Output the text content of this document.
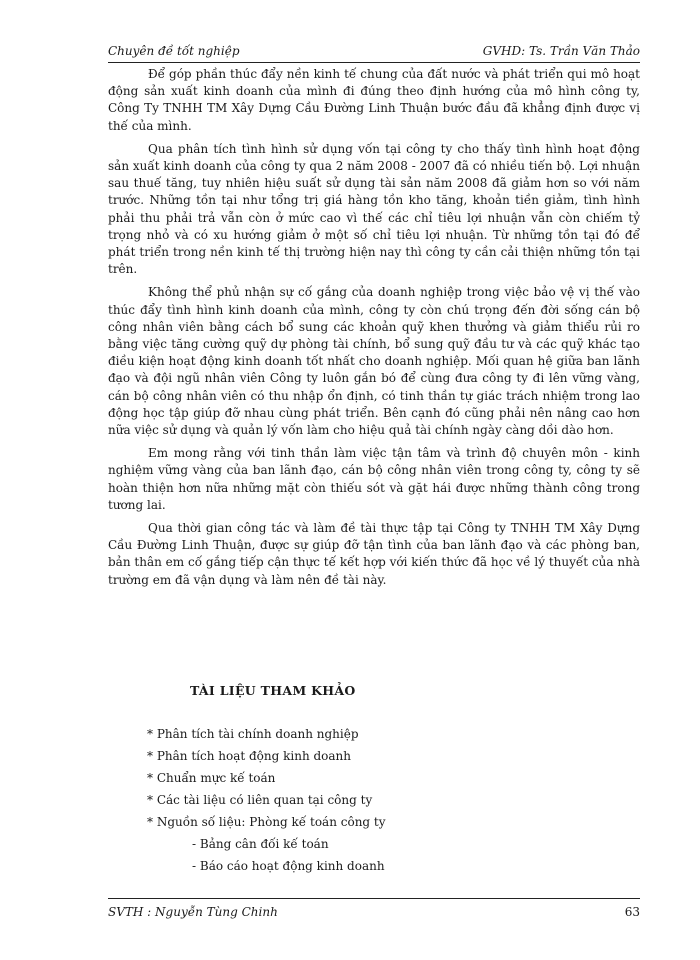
Chuyên đề tốt nghiệp	GVHD: Ts. Trần Văn Thảo

Để góp phần thúc đẩy nền kinh tế chung của đất nước và phát triển qui mô hoạt động sản xuất kinh doanh của mình đi đúng theo định hướng của mô hình công ty, Công Ty TNHH TM Xây Dựng Cầu Đường Linh Thuận bước đầu đã khẳng định được vị thế của mình.

Qua phân tích tình hình sử dụng vốn tại công ty cho thấy tình hình hoạt động sản xuất kinh doanh của công ty qua 2 năm 2008 - 2007 đã có nhiều tiến bộ. Lợi nhuận sau thuế tăng, tuy nhiên hiệu suất sử dụng tài sản năm 2008 đã giảm hơn so với năm trước. Những tồn tại như tổng trị giá hàng tồn kho tăng, khoản tiền giảm, tình hình phải thu phải trả vẫn còn ở mức cao vì thế các chỉ tiêu lợi nhuận vẫn còn chiếm tỷ trọng nhỏ và có xu hướng giảm ở một số chỉ tiêu lợi nhuận. Từ những tồn tại đó để phát triển trong nền kinh tế thị trường hiện nay thì công ty cần cải thiện những tồn tại trên.

Không thể phủ nhận sự cố gắng của doanh nghiệp trong việc bảo vệ vị thế vào thúc đẩy tình hình kinh doanh của mình, công ty còn chú trọng đến đời sống cán bộ công nhân viên bằng cách bổ sung các khoản quỹ khen thưởng và giảm thiểu rủi ro bằng việc tăng cường quỹ dự phòng tài chính, bổ sung quỹ đầu tư và các quỹ khác tạo điều kiện hoạt động kinh doanh tốt nhất cho doanh nghiệp. Mối quan hệ giữa ban lãnh đạo và đội ngũ nhân viên Công ty luôn gắn bó để cùng đưa công ty đi lên vững vàng, cán bộ công nhân viên có thu nhập ổn định, có tinh thần tự giác trách nhiệm trong lao động học tập giúp đỡ nhau cùng phát triển. Bên cạnh đó cũng phải nên nâng cao hơn nữa việc sử dụng và quản lý vốn làm cho hiệu quả tài chính ngày càng dồi dào hơn.

Em mong rằng với tinh thần làm việc tận tâm và trình độ chuyên môn - kinh nghiệm vững vàng của ban lãnh đạo, cán bộ công nhân viên trong công ty, công ty sẽ hoàn thiện hơn nữa những mặt còn thiếu sót và gặt hái được những thành công trong tương lai.

Qua thời gian công tác và làm đề tài thực tập tại Công ty TNHH TM Xây Dựng Cầu Đường Linh Thuận, được sự giúp đỡ tận tình của ban lãnh đạo và các phòng ban, bản thân em cố gắng tiếp cận thực tế kết hợp với kiến thức đã học về lý thuyết của nhà trường em đã vận dụng và làm nên đề tài này.

TÀI LIỆU THAM KHẢO
* Phân tích tài chính doanh nghiệp
* Phân tích hoạt động kinh doanh
* Chuẩn mực kế toán
* Các tài liệu có liên quan tại công ty
* Nguồn số liệu: Phòng kế toán công ty
- Bảng cân đối kế toán
- Báo cáo hoạt động kinh doanh
SVTH : Nguyễn Tùng Chinh	63
